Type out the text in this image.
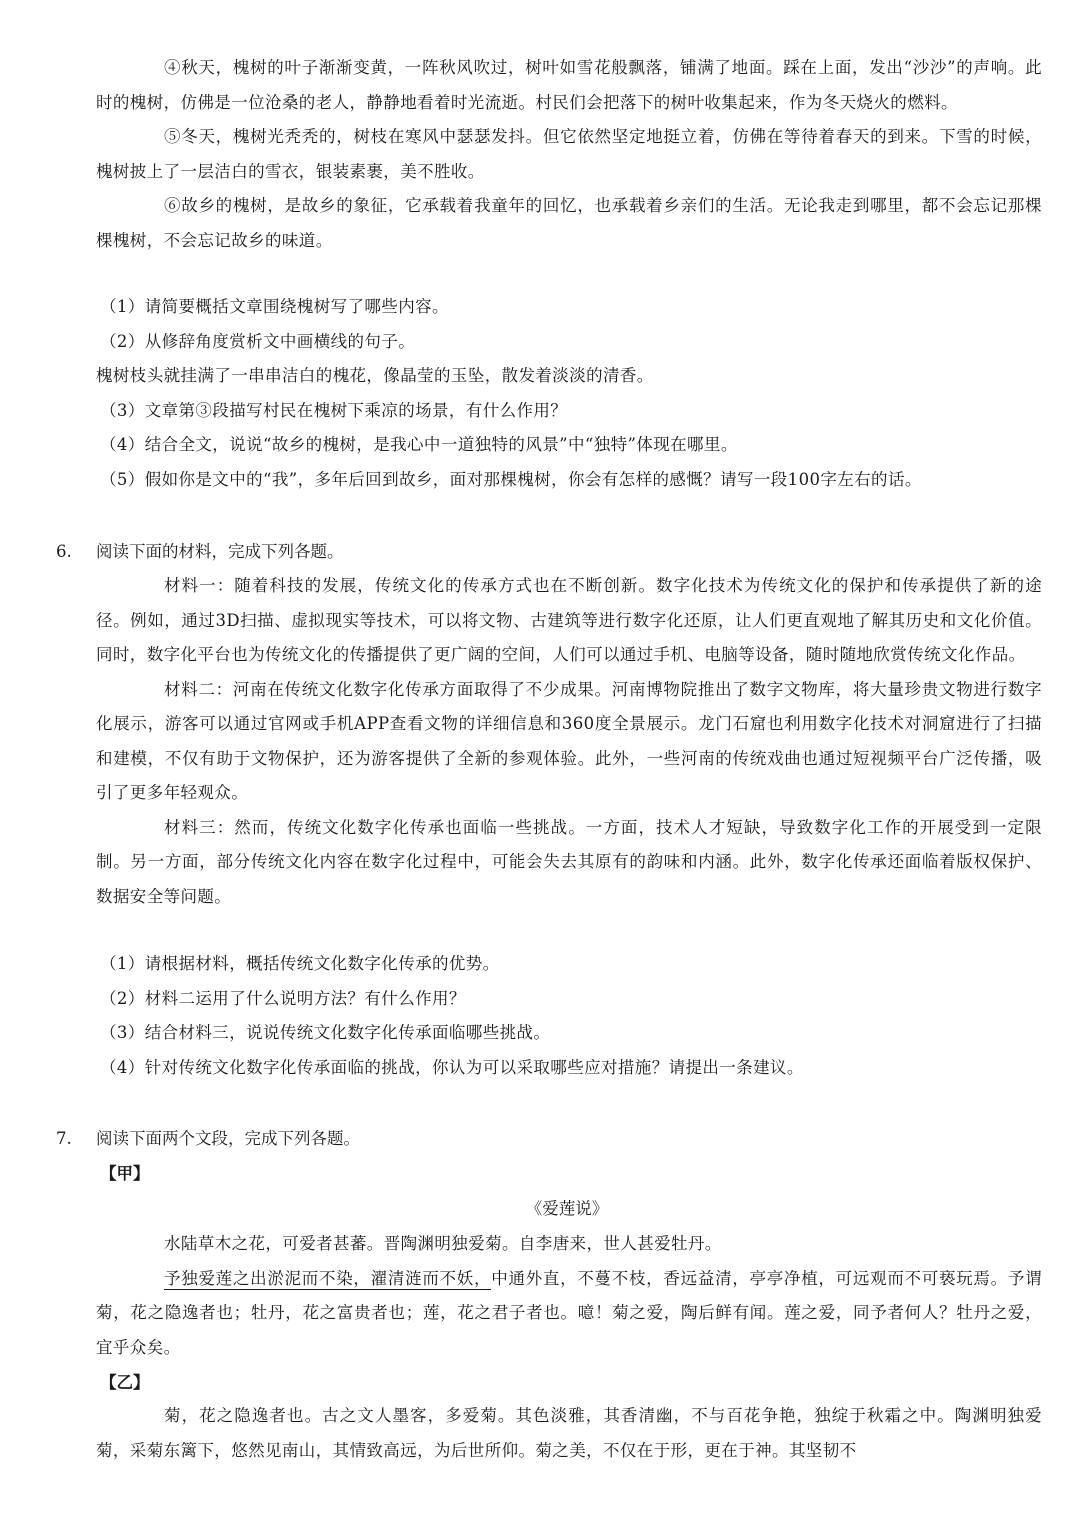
④秋天，槐树的叶子渐渐变黄，一阵秋风吹过，树叶如雪花般飘落，铺满了地面。踩在上面，发出“沙沙”的声响。此时的槐树，仿佛是一位沧桑的老人，静静地看着时光流逝。村民们会把落下的树叶收集起来，作为冬天烧火的燃料。

⑤冬天，槐树光秃秃的，树枝在寒风中瑟瑟发抖。但它依然坚定地挺立着，仿佛在等待着春天的到来。下雪的时候，槐树披上了一层洁白的雪衣，银装素裹，美不胜收。

⑥故乡的槐树，是故乡的象征，它承载着我童年的回忆，也承载着乡亲们的生活。无论我走到哪里，都不会忘记那棵棵槐树，不会忘记故乡的味道。

（1）请简要概括文章围绕槐树写了哪些内容。

（2）从修辞角度赏析文中画横线的句子。

槐树枝头就挂满了一串串洁白的槐花，像晶莹的玉坠，散发着淡淡的清香。

（3）文章第③段描写村民在槐树下乘凉的场景，有什么作用？

（4）结合全文，说说“故乡的槐树，是我心中一道独特的风景”中“独特”体现在哪里。

（5）假如你是文中的“我”，多年后回到故乡，面对那棵槐树，你会有怎样的感慨？请写一段100字左右的话。

6. 阅读下面的材料，完成下列各题。

材料一：随着科技的发展，传统文化的传承方式也在不断创新。数字化技术为传统文化的保护和传承提供了新的途径。例如，通过3D扫描、虚拟现实等技术，可以将文物、古建筑等进行数字化还原，让人们更直观地了解其历史和文化价值。同时，数字化平台也为传统文化的传播提供了更广阔的空间，人们可以通过手机、电脑等设备，随时随地欣赏传统文化作品。

材料二：河南在传统文化数字化传承方面取得了不少成果。河南博物院推出了数字文物库，将大量珍贵文物进行数字化展示，游客可以通过官网或手机APP查看文物的详细信息和360度全景展示。龙门石窟也利用数字化技术对洞窟进行了扫描和建模，不仅有助于文物保护，还为游客提供了全新的参观体验。此外，一些河南的传统戏曲也通过短视频平台广泛传播，吸引了更多年轻观众。

材料三：然而，传统文化数字化传承也面临一些挑战。一方面，技术人才短缺，导致数字化工作的开展受到一定限制。另一方面，部分传统文化内容在数字化过程中，可能会失去其原有的韵味和内涵。此外，数字化传承还面临着版权保护、数据安全等问题。

（1）请根据材料，概括传统文化数字化传承的优势。

（2）材料二运用了什么说明方法？有什么作用？

（3）结合材料三，说说传统文化数字化传承面临哪些挑战。

（4）针对传统文化数字化传承面临的挑战，你认为可以采取哪些应对措施？请提出一条建议。

7. 阅读下面两个文段，完成下列各题。
【甲】
《爱莲说》

水陆草木之花，可爱者甚蕃。晋陶渊明独爱菊。自李唐来，世人甚爱牡丹。

予独爱莲之出淤泥而不染，濯清涟而不妖，中通外直，不蔓不枝，香远益清，亭亭净植，可远观而不可亵玩焉。予谓菊，花之隐逸者也；牡丹，花之富贵者也；莲，花之君子者也。噫！菊之爱，陶后鲜有闻。莲之爱，同予者何人？牡丹之爱，宜乎众矣。

【乙】

菊，花之隐逸者也。古之文人墨客，多爱菊。其色淡雅，其香清幽，不与百花争艳，独绽于秋霜之中。陶渊明独爱菊，采菊东篱下，悠然见南山，其情致高远，为后世所仰。菊之美，不仅在于形，更在于神。其坚韧不
